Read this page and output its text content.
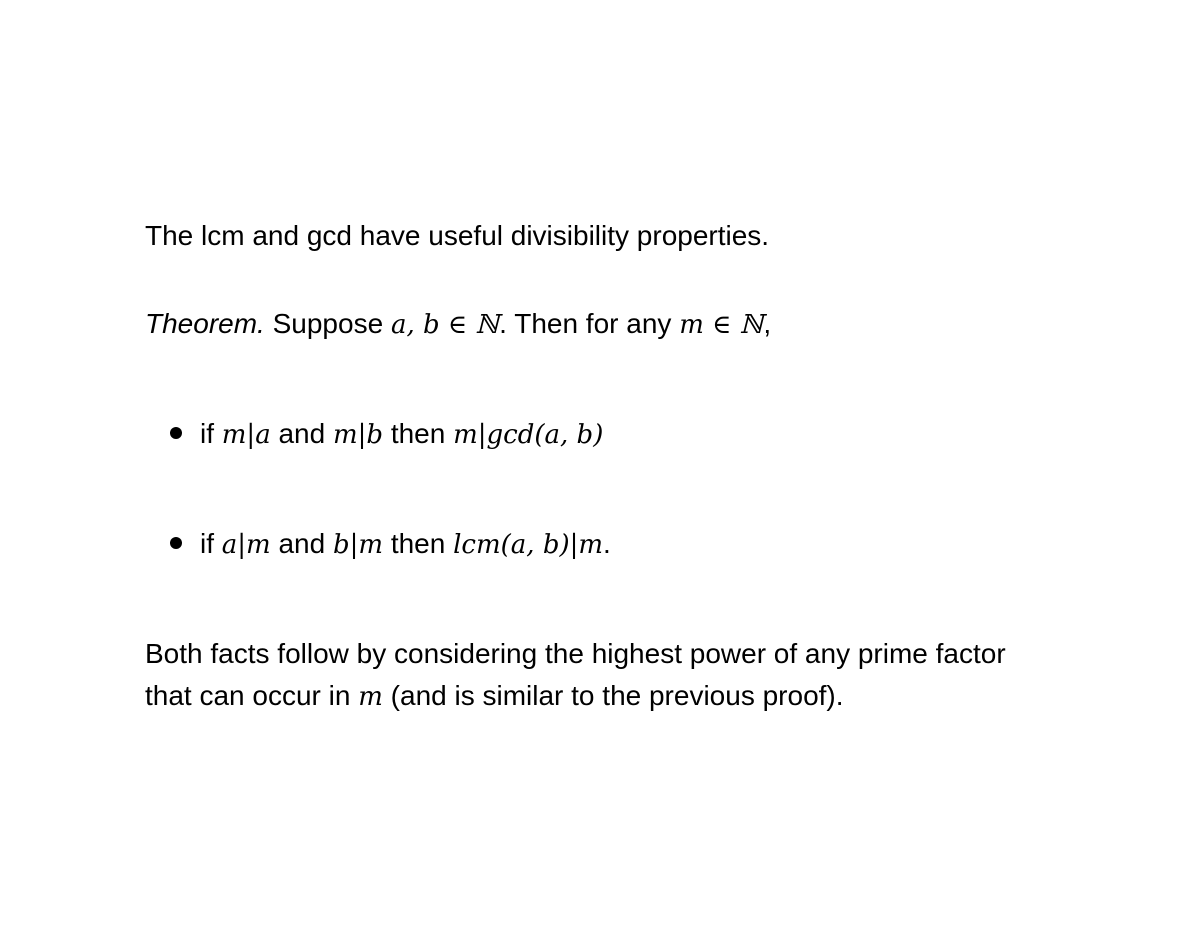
The lcm and gcd have useful divisibility properties.
Theorem. Suppose a, b ∈ ℕ. Then for any m ∈ ℕ,
if m|a and m|b then m|gcd(a, b)
if a|m and b|m then lcm(a, b)|m.
Both facts follow by considering the highest power of any prime factor
that can occur in m (and is similar to the previous proof).
